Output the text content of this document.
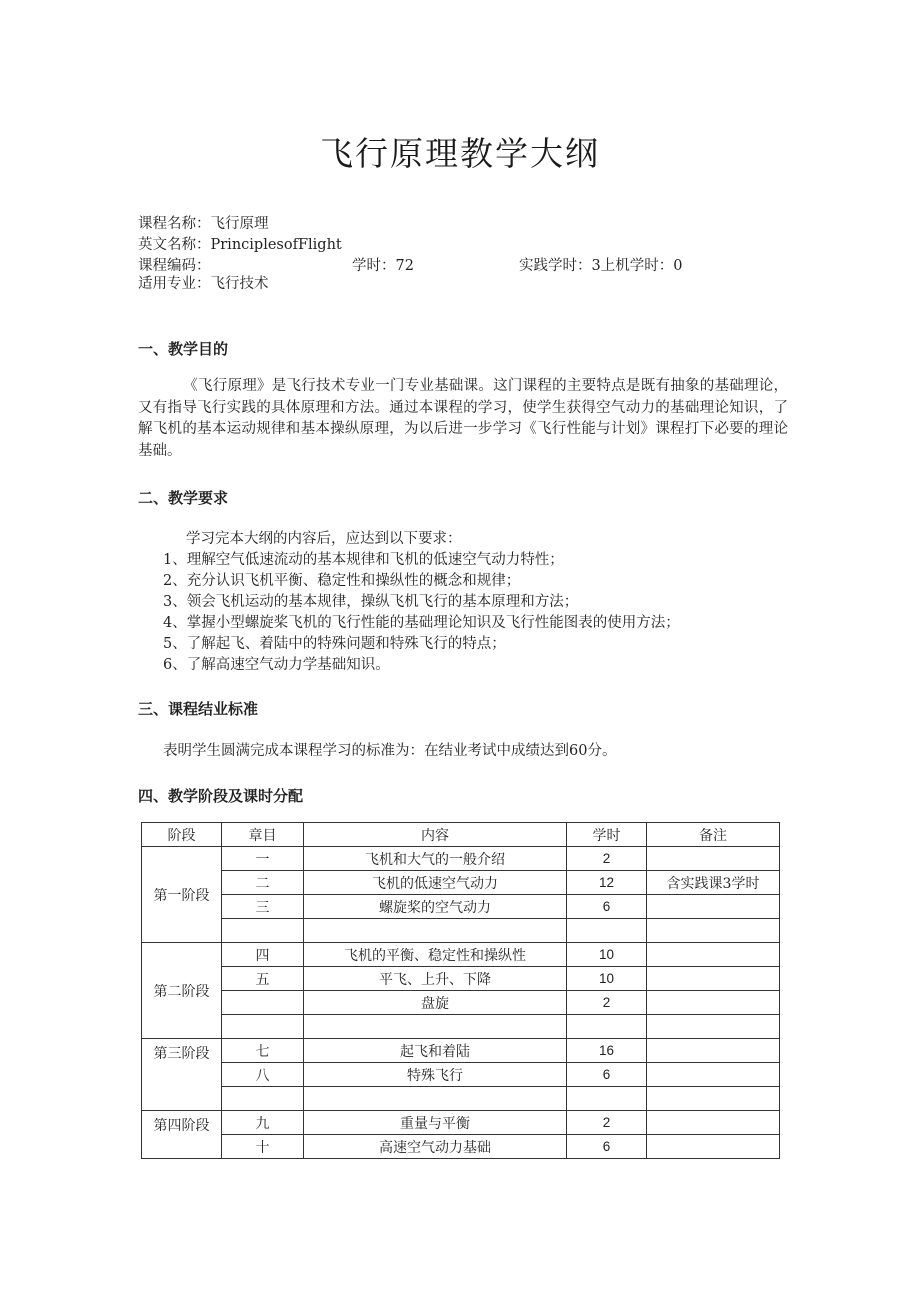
飞行原理教学大纲
课程名称：飞行原理
英文名称：PrinciplesofFlight
课程编码：	学时：72	实践学时：3上机学时：0
适用专业：飞行技术
一、教学目的
《飞行原理》是飞行技术专业一门专业基础课。这门课程的主要特点是既有抽象的基础理论，又有指导飞行实践的具体原理和方法。通过本课程的学习，使学生获得空气动力的基础理论知识，了解飞机的基本运动规律和基本操纵原理，为以后进一步学习《飞行性能与计划》课程打下必要的理论基础。
二、教学要求
学习完本大纲的内容后，应达到以下要求：
1、理解空气低速流动的基本规律和飞机的低速空气动力特性；
2、充分认识飞机平衡、稳定性和操纵性的概念和规律；
3、领会飞机运动的基本规律，操纵飞机飞行的基本原理和方法；
4、掌握小型螺旋桨飞机的飞行性能的基础理论知识及飞行性能图表的使用方法；
5、了解起飞、着陆中的特殊问题和特殊飞行的特点；
6、了解高速空气动力学基础知识。
三、课程结业标准
表明学生圆满完成本课程学习的标准为：在结业考试中成绩达到60分。
四、教学阶段及课时分配
阶段	章目	内容	学时	备注
第一阶段	一	飞机和大气的一般介绍	2	
	二	飞机的低速空气动力	12	含实践课3学时
	三	螺旋桨的空气动力	6	

第二阶段	四	飞机的平衡、稳定性和操纵性	10	
	五	平飞、上升、下降	10	
		盘旋	2	

第三阶段	七	起飞和着陆	16	
	八	特殊飞行	6	

第四阶段	九	重量与平衡	2	
	十	高速空气动力基础	6	
